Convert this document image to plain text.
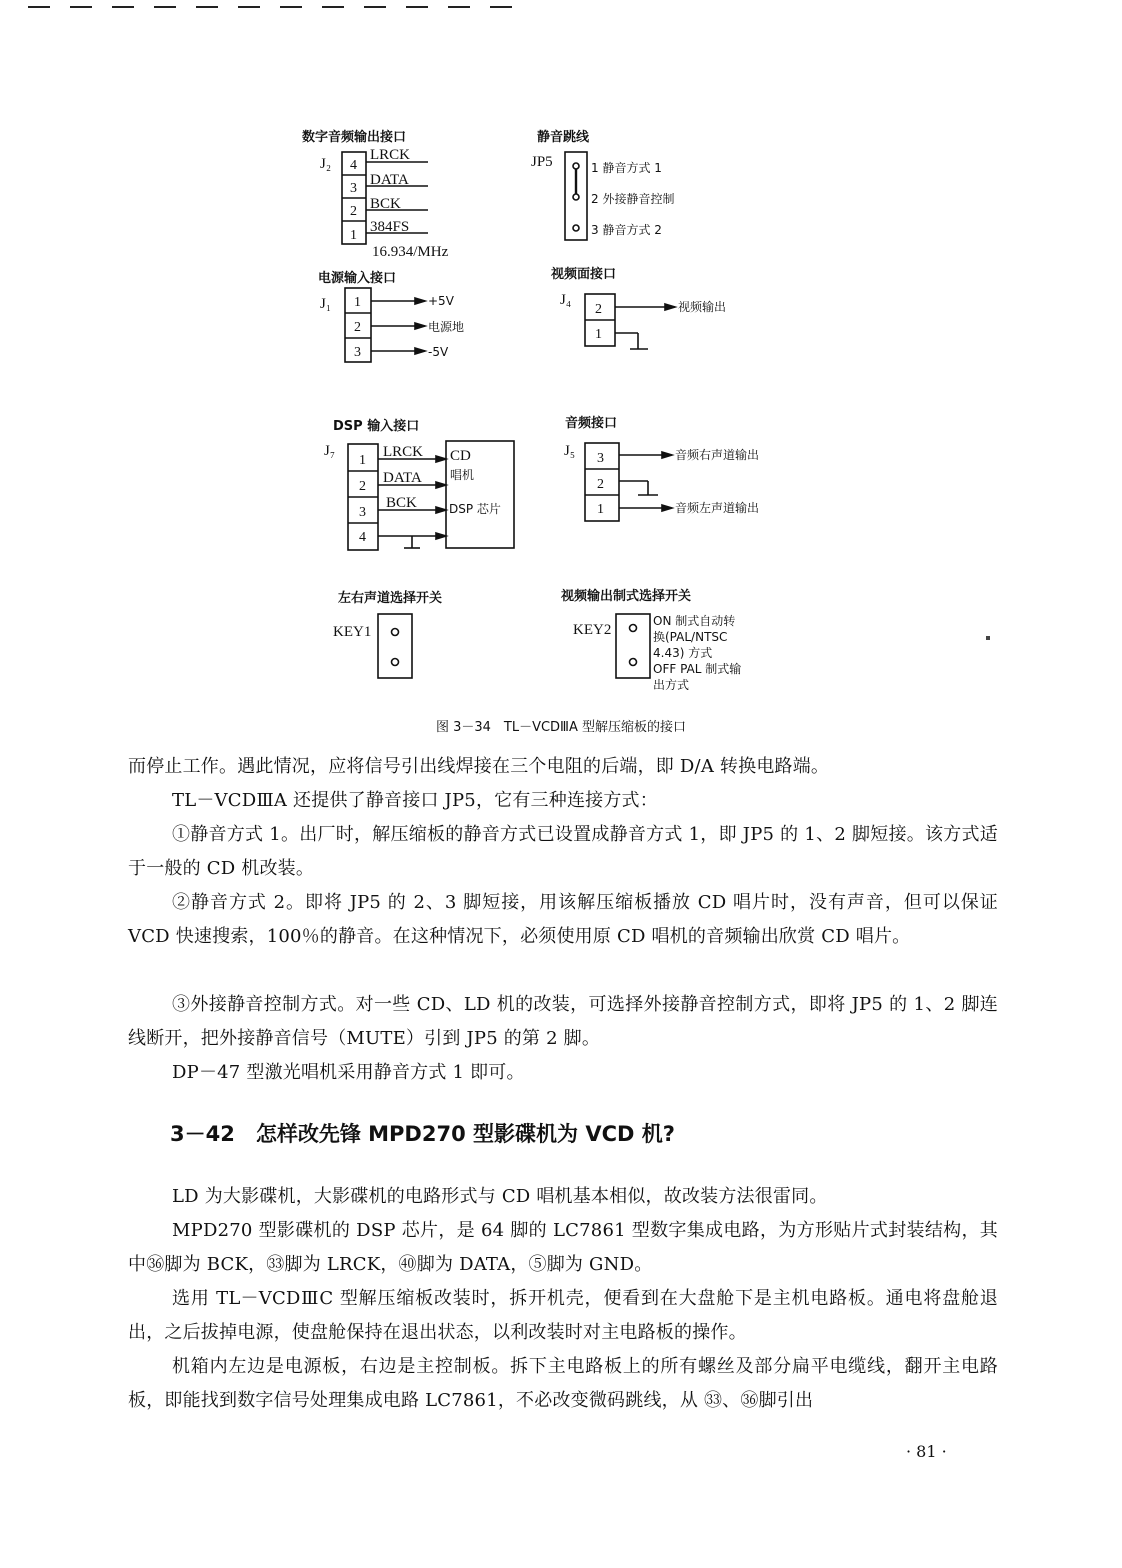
数字音频输出接口
J₂ 4
3
2
1
LRCK
DATA
BCK
384FS
16.934/MHz
静音跳线
JP5	1 静音方式 1
2 外接静音控制
3 静音方式 2
电源输入接口
J₁ 1
2
3
+5V
电源地
-5V
视频面接口
J₄
2
1
视频输出
DSP 输入接口
J₇
1
2
3
4
LRCK
DATA
BCK
CD
唱机
DSP 芯片
音频接口
J₅ 3
2
1
音频右声道输出
音频左声道输出
左右声道选择开关
KEY1
视频输出制式选择开关
KEY2
ON 制式自动转
换(PAL/NTSC
4.43) 方式
OFF PAL 制式输
出方式
图 3－34　TL－VCDⅢA 型解压缩板的接口

而停止工作。遇此情况，应将信号引出线焊接在三个电阻的后端，即 D/A 转换电路端。

TL－VCDⅢA 还提供了静音接口 JP5，它有三种连接方式：

①静音方式 1。出厂时，解压缩板的静音方式已设置成静音方式 1，即 JP5 的 1、2 脚短接。该方式适于一般的 CD 机改装。

②静音方式 2。即将 JP5 的 2、3 脚短接，用该解压缩板播放 CD 唱片时，没有声音，但可以保证 VCD 快速搜索，100％的静音。在这种情况下，必须使用原 CD 唱机的音频输出欣赏 CD 唱片。

③外接静音控制方式。对一些 CD、LD 机的改装，可选择外接静音控制方式，即将 JP5 的 1、2 脚连线断开，把外接静音信号（MUTE）引到 JP5 的第 2 脚。

DP－47 型激光唱机采用静音方式 1 即可。

3－42　怎样改先锋 MPD270 型影碟机为 VCD 机?

LD 为大影碟机，大影碟机的电路形式与 CD 唱机基本相似，故改装方法很雷同。

MPD270 型影碟机的 DSP 芯片，是 64 脚的 LC7861 型数字集成电路，为方形贴片式封装结构，其中㊱脚为 BCK，㉝脚为 LRCK，㊵脚为 DATA，⑤脚为 GND。

选用 TL－VCDⅢC 型解压缩板改装时，拆开机壳，便看到在大盘舱下是主机电路板。通电将盘舱退出，之后拔掉电源，使盘舱保持在退出状态，以利改装时对主电路板的操作。

机箱内左边是电源板，右边是主控制板。拆下主电路板上的所有螺丝及部分扁平电缆线，翻开主电路板，即能找到数字信号处理集成电路 LC7861，不必改变微码跳线，从 ㉝、㊱脚引出

· 81 ·
